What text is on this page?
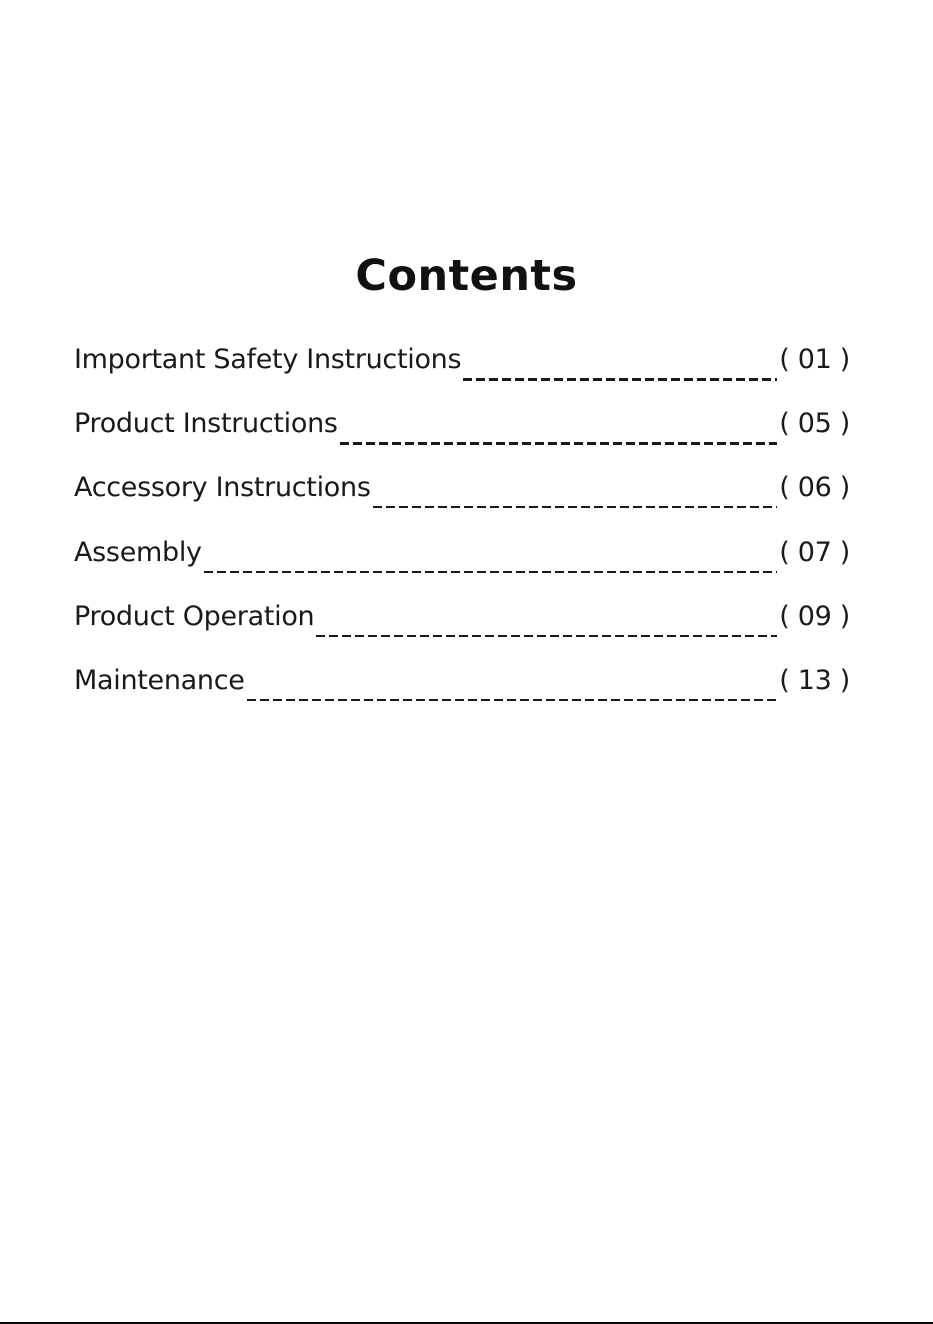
Contents
Important Safety Instructions	( 01 )
Product Instructions	( 05 )
Accessory Instructions	( 06 )
Assembly	( 07 )
Product Operation	( 09 )
Maintenance	( 13 )
